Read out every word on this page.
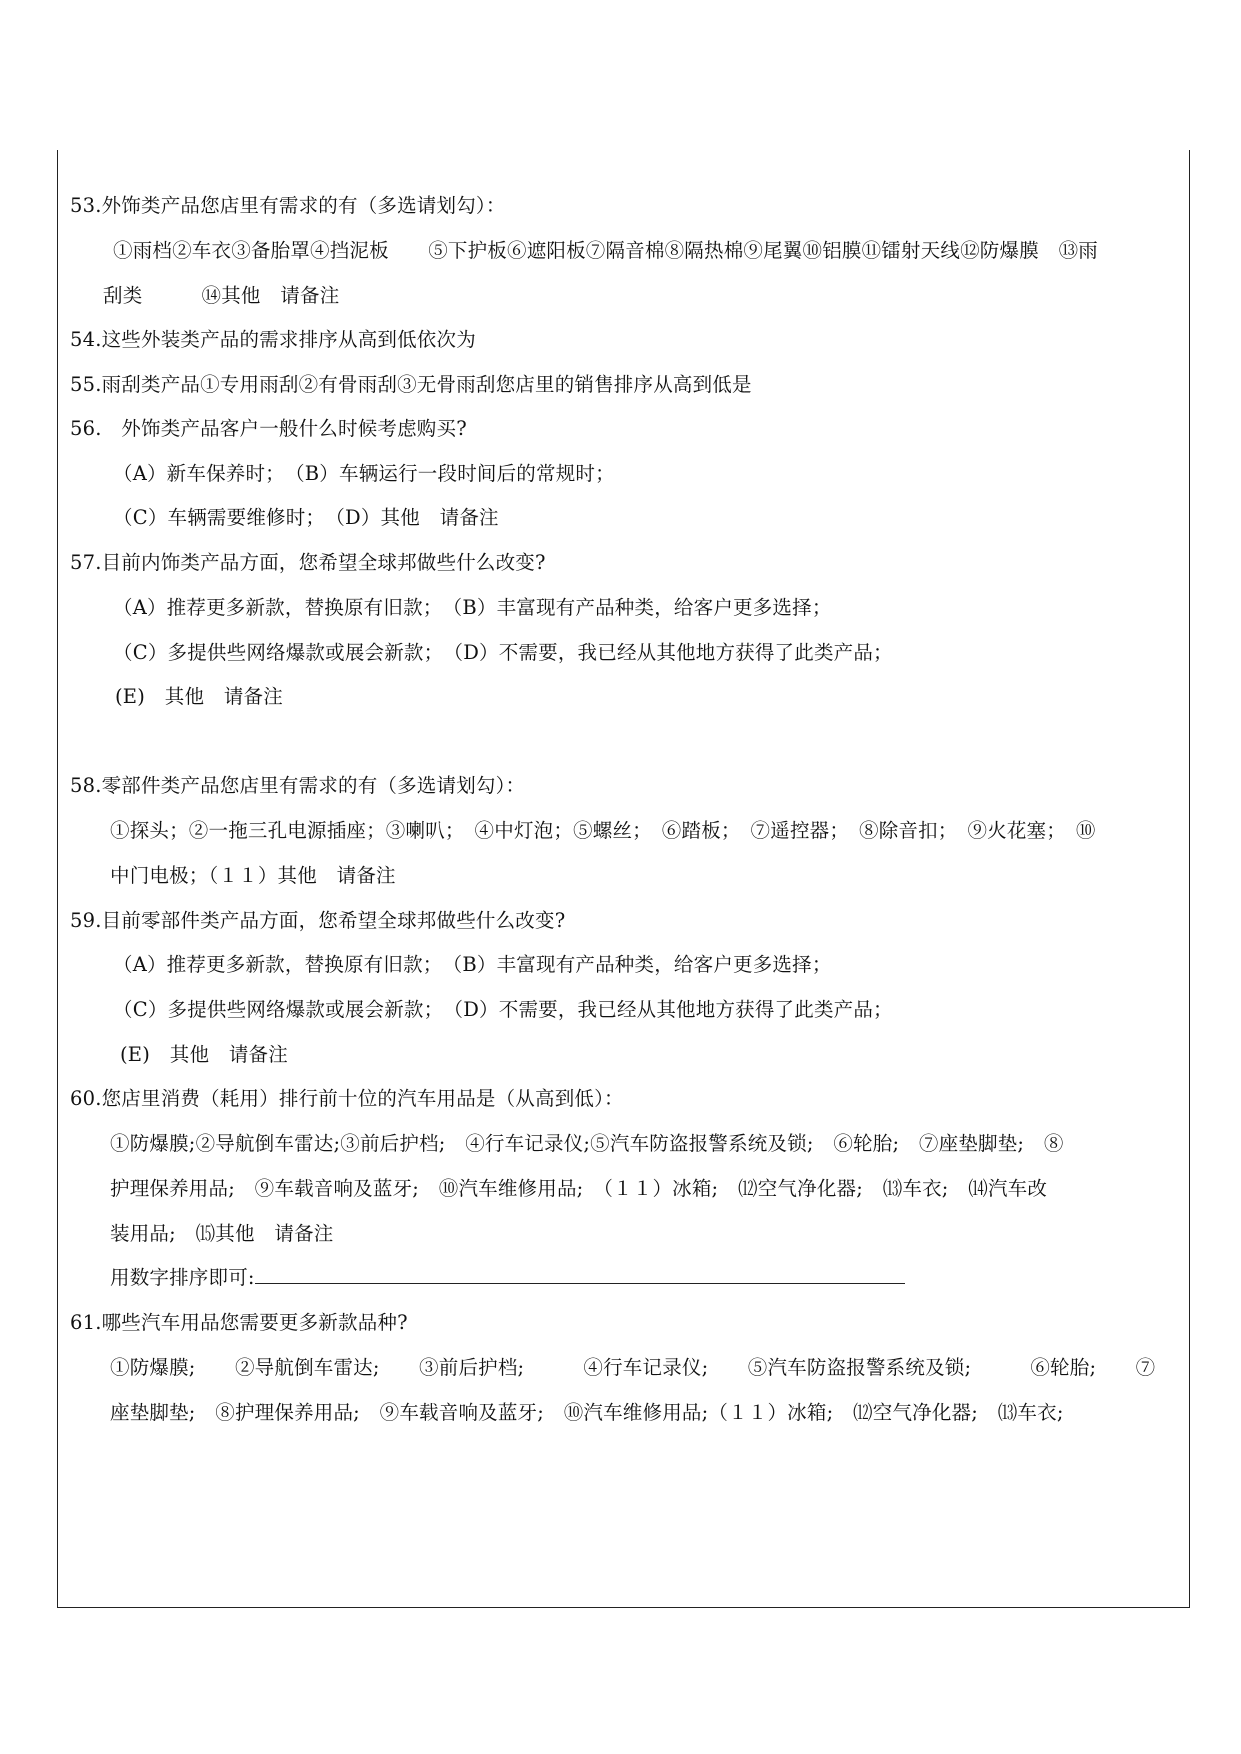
53.外饰类产品您店里有需求的有（多选请划勾）：
①雨档②车衣③备胎罩④挡泥板　　⑤下护板⑥遮阳板⑦隔音棉⑧隔热棉⑨尾翼⑩铝膜⑪镭射天线⑫防爆膜　⑬雨
刮类　　　⑭其他　请备注
54.这些外装类产品的需求排序从高到低依次为
55.雨刮类产品①专用雨刮②有骨雨刮③无骨雨刮您店里的销售排序从高到低是
56.　外饰类产品客户一般什么时候考虑购买?
（A）新车保养时；　（B）车辆运行一段时间后的常规时；
（C）车辆需要维修时；　（D）其他　请备注
57.目前内饰类产品方面，您希望全球邦做些什么改变?
（A）推荐更多新款，替换原有旧款；　（B）丰富现有产品种类，给客户更多选择；
（C）多提供些网络爆款或展会新款；　（D）不需要，我已经从其他地方获得了此类产品；
(E)　其他　请备注
58.零部件类产品您店里有需求的有（多选请划勾）：
①探头；②一拖三孔电源插座；③喇叭；　④中灯泡；⑤螺丝；　⑥踏板；　⑦遥控器；　⑧除音扣；　⑨火花塞；　⑩
中门电极；（１１）其他　请备注
59.目前零部件类产品方面，您希望全球邦做些什么改变?
（A）推荐更多新款，替换原有旧款；　（B）丰富现有产品种类，给客户更多选择；
（C）多提供些网络爆款或展会新款；　（D）不需要，我已经从其他地方获得了此类产品；
(E)　其他　请备注
60.您店里消费（耗用）排行前十位的汽车用品是（从高到低）：
①防爆膜;②导航倒车雷达;③前后护档;　④行车记录仪;⑤汽车防盗报警系统及锁;　⑥轮胎;　⑦座垫脚垫;　⑧
护理保养用品;　⑨车载音响及蓝牙;　⑩汽车维修用品;　（１１）冰箱;　⑿空气净化器;　⒀车衣;　⒁汽车改
装用品;　⒂其他　请备注
用数字排序即可:
61.哪些汽车用品您需要更多新款品种?
①防爆膜;　　②导航倒车雷达;　　③前后护档;　　　④行车记录仪;　　⑤汽车防盗报警系统及锁;　　　⑥轮胎;　　⑦
座垫脚垫;　⑧护理保养用品;　⑨车载音响及蓝牙;　⑩汽车维修用品;（１１）冰箱;　⑿空气净化器;　⒀车衣;
